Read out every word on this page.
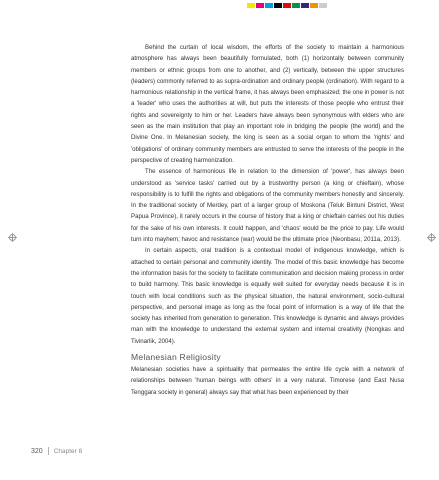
Behind the curtain of local wisdom, the efforts of the society to maintain a harmonious atmosphere has always been beautifully formulated, both (1) horizontally between community members or ethnic groups from one to another, and (2) vertically, between the upper structures (leaders) commonly referred to as supra-ordination and ordinary people (ordination). With regard to a harmonious relationship in the vertical frame, it has always been emphasized; the one in power is not a 'leader' who uses the authorities at will, but puts the interests of those people who entrust their rights and sovereignty to him or her. Leaders have always been synonymous with elders who are seen as the main institution that play an important role in bridging the people (the world) and the Divine One. In Melanesian society, the king is seen as a social organ to whom the 'rights' and 'obligations' of ordinary community members are entrusted to serve the interests of the people in the perspective of creating harmonization.

The essence of harmonious life in relation to the dimension of 'power', has always been understood as 'service tasks' carried out by a trustworthy person (a king or chieftain), whose responsibility is to fulfill the rights and obligations of the community members honestly and sincerely. In the traditional society of Merdey, part of a larger group of Moskona (Teluk Bintuni District, West Papua Province), it rarely occurs in the course of history that a king or chieftain carries out his duties for the sake of his own interests. It could happen, and 'chaos' would be the price to pay. Life would turn into mayhem; havoc and resistance (war) would be the ultimate price (Neonbasu, 2011a, 2013).

In certain aspects, oral tradition is a contextual model of indigenous knowledge, which is attached to certain personal and community identity. The model of this basic knowledge has become the information basis for the society to facilitate communication and decision making process in order to build harmony. This basic knowledge is equally well suited for everyday needs because it is in touch with local conditions such as the physical situation, the natural environment, socio-cultural perspective, and personal image as long as the focal point of information is a way of life that the society has inherited from generation to generation. This knowledge is dynamic and always provides man with the knowledge to understand the external system and internal creativity (Nongkas and Tivinarlik, 2004).

Melanesian Religiosity

Melanesian societies have a spirituality that permeates the entire life cycle with a network of relationships between 'human beings with others' in a very natural. Timorese (and East Nusa Tenggara society in general) always say that what has been experienced by their

320 Chapter 8
